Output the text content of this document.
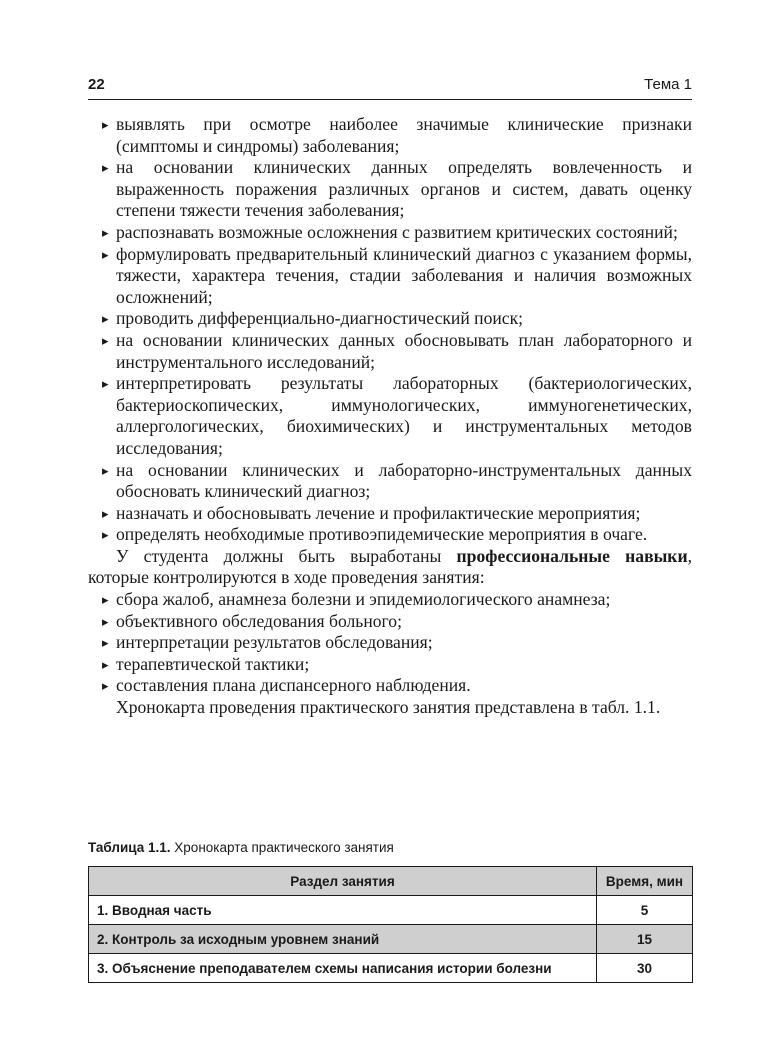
22	Тема 1
▸ выявлять при осмотре наиболее значимые клинические признаки (симптомы и синдромы) заболевания;
▸ на основании клинических данных определять вовлеченность и выраженность поражения различных органов и систем, давать оценку степени тяжести течения заболевания;
▸ распознавать возможные осложнения с развитием критических состояний;
▸ формулировать предварительный клинический диагноз с указанием формы, тяжести, характера течения, стадии заболевания и наличия возможных осложнений;
▸ проводить дифференциально-диагностический поиск;
▸ на основании клинических данных обосновывать план лабораторного и инструментального исследований;
▸ интерпретировать результаты лабораторных (бактериологических, бактериоскопических, иммунологических, иммуногенетических, аллергологических, биохимических) и инструментальных методов исследования;
▸ на основании клинических и лабораторно-инструментальных данных обосновать клинический диагноз;
▸ назначать и обосновывать лечение и профилактические мероприятия;
▸ определять необходимые противоэпидемические мероприятия в очаге.

У студента должны быть выработаны профессиональные навыки, которые контролируются в ходе проведения занятия:

▸ сбора жалоб, анамнеза болезни и эпидемиологического анамнеза;
▸ объективного обследования больного;
▸ интерпретации результатов обследования;
▸ терапевтической тактики;
▸ составления плана диспансерного наблюдения.

Хронокарта проведения практического занятия представлена в табл. 1.1.

Таблица 1.1. Хронокарта практического занятия
Раздел занятия	Время, мин
1. Вводная часть	5
2. Контроль за исходным уровнем знаний	15
3. Объяснение преподавателем схемы написания истории болезни	30
